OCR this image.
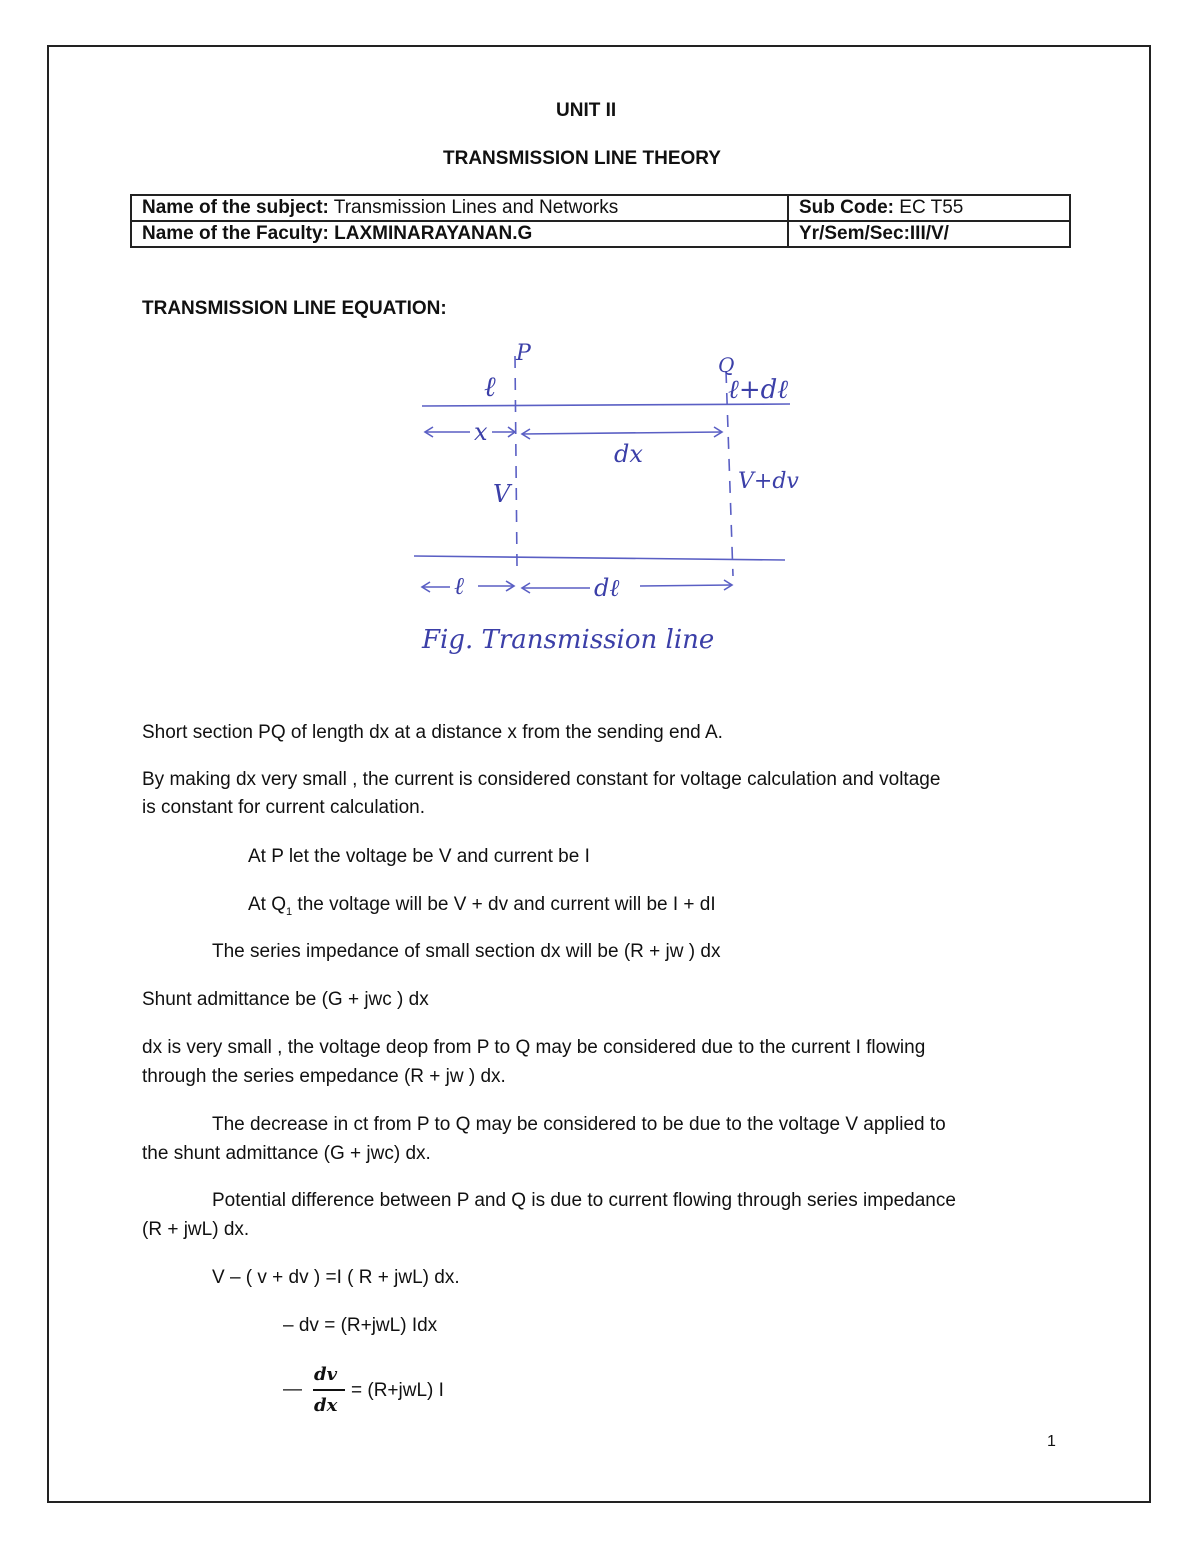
UNIT II
TRANSMISSION LINE THEORY
Name of the subject: Transmission Lines and Networks	Sub Code: EC T55
Name of the Faculty: LAXMINARAYANAN.G	Yr/Sem/Sec:III/V/
TRANSMISSION LINE EQUATION:
P	Q
ℓ	ℓ+dℓ
x
dx
V	V+dv
ℓ	dℓ
Fig. Transmission line
Short section PQ of length dx at a distance x from the sending end A.
By making dx very small , the current is considered constant for voltage calculation and voltage
is constant for current calculation.
At P let the voltage be V and current be I
At $Q_1$ the voltage will be V + dv and current will be I + dI
The series impedance of small section dx will be (R + jw ) dx
Shunt admittance be (G + jwc ) dx
dx is very small , the voltage deop from P to Q may be considered due to the current I flowing
through the series empedance (R + jw ) dx.
The decrease in ct from P to Q may be considered to be due to the voltage V applied to
the shunt admittance (G + jwc) dx.
Potential difference between P and Q is due to current flowing through series impedance
(R + jwL) dx.
V – ( v + dv ) =I ( R + jwL) dx.
– dv = (R+jwL) Idx
—
dv
dx
= (R+jwL) I
1
